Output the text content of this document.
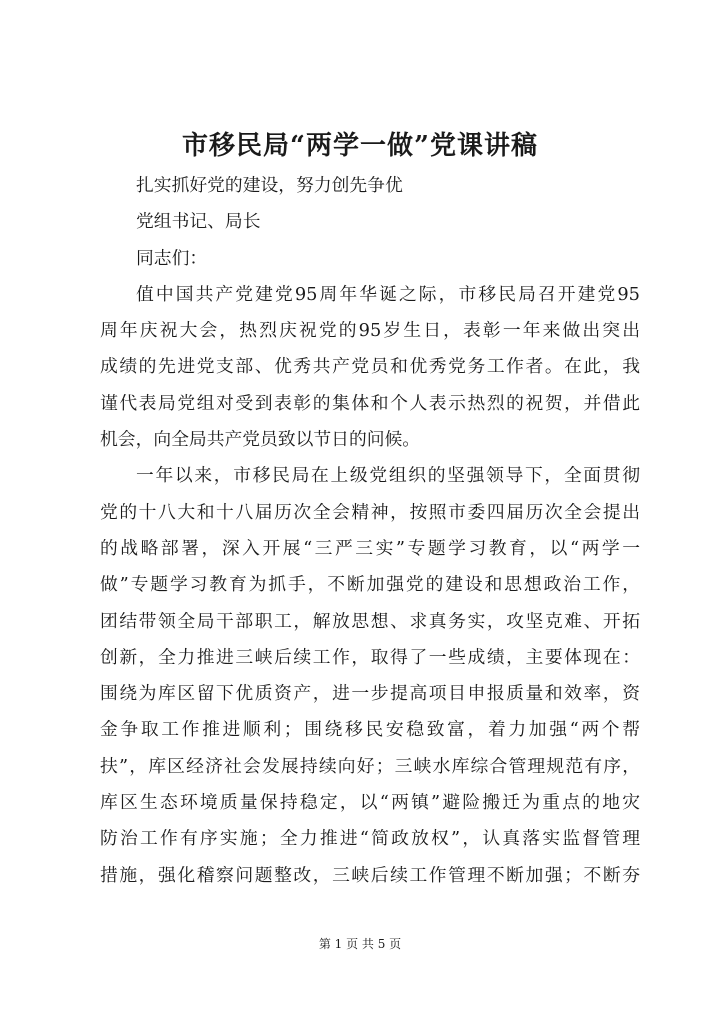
市移民局“两学一做”党课讲稿
扎实抓好党的建设，努力创先争优
党组书记、局长
同志们：
值中国共产党建党95周年华诞之际，市移民局召开建党95
周年庆祝大会，热烈庆祝党的95岁生日，表彰一年来做出突出
成绩的先进党支部、优秀共产党员和优秀党务工作者。在此，我
谨代表局党组对受到表彰的集体和个人表示热烈的祝贺，并借此
机会，向全局共产党员致以节日的问候。
一年以来，市移民局在上级党组织的坚强领导下，全面贯彻
党的十八大和十八届历次全会精神，按照市委四届历次全会提出
的战略部署，深入开展“三严三实”专题学习教育，以“两学一
做”专题学习教育为抓手，不断加强党的建设和思想政治工作，
团结带领全局干部职工，解放思想、求真务实，攻坚克难、开拓
创新，全力推进三峡后续工作，取得了一些成绩，主要体现在：
围绕为库区留下优质资产，进一步提高项目申报质量和效率，资
金争取工作推进顺利；围绕移民安稳致富，着力加强“两个帮
扶”，库区经济社会发展持续向好；三峡水库综合管理规范有序，
库区生态环境质量保持稳定，以“两镇”避险搬迁为重点的地灾
防治工作有序实施；全力推进“简政放权”，认真落实监督管理
措施，强化稽察问题整改，三峡后续工作管理不断加强；不断夯
第 1 页 共 5 页
